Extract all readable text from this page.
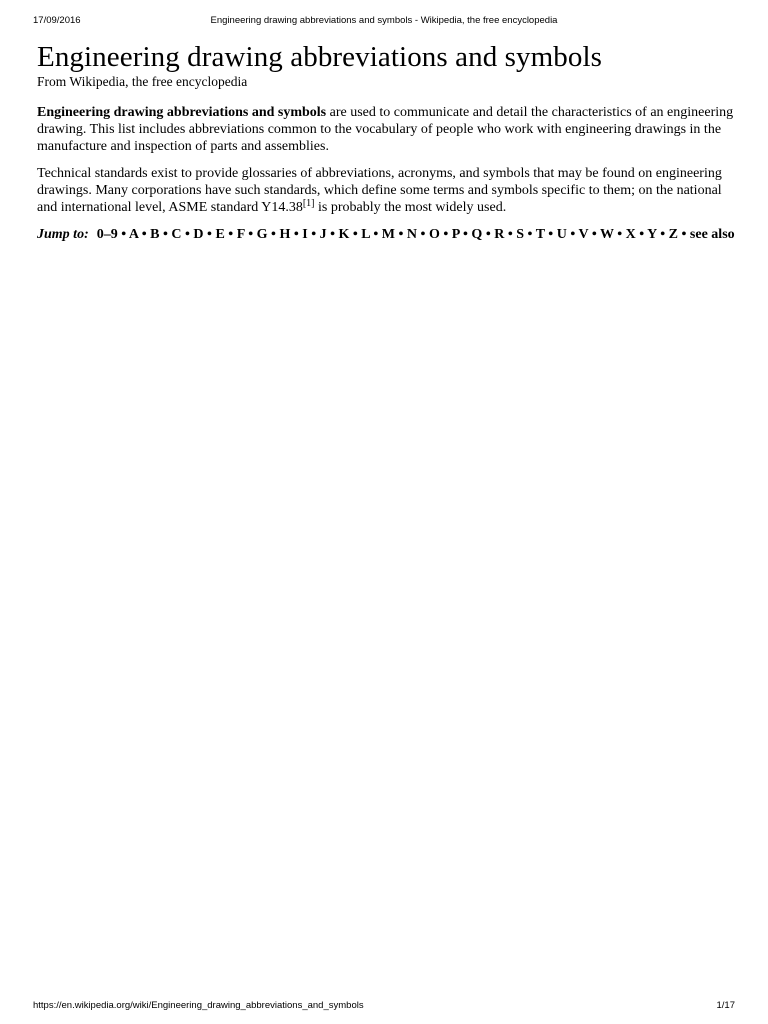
17/09/2016	Engineering drawing abbreviations and symbols - Wikipedia, the free encyclopedia
Engineering drawing abbreviations and symbols
From Wikipedia, the free encyclopedia

Engineering drawing abbreviations and symbols are used to communicate and detail the characteristics of an engineering drawing. This list includes abbreviations common to the vocabulary of people who work with engineering drawings in the manufacture and inspection of parts and assemblies.

Technical standards exist to provide glossaries of abbreviations, acronyms, and symbols that may be found on engineering drawings. Many corporations have such standards, which define some terms and symbols specific to them; on the national and international level, ASME standard Y14.38[1] is probably the most widely used.

Jump to: 0–9 • A • B • C • D • E • F • G • H • I • J • K • L • M • N • O • P • Q • R • S • T • U • V • W • X • Y • Z • see also
https://en.wikipedia.org/wiki/Engineering_drawing_abbreviations_and_symbols	1/17
